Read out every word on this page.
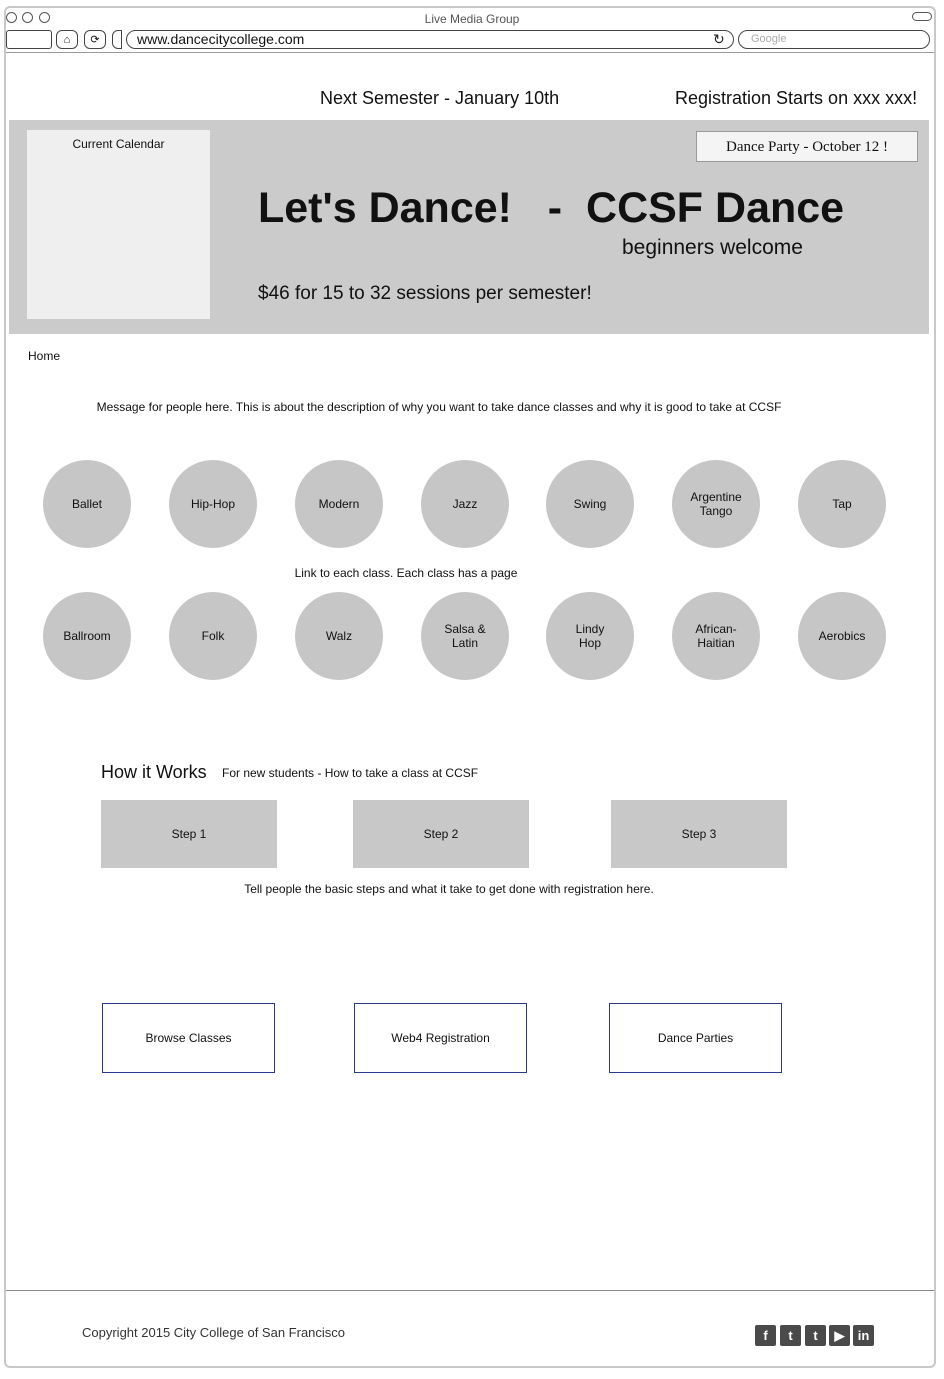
Live Media Group
⌂	⟳	www.dancecitycollege.com	↻	Google
Next Semester - January 10th	Registration Starts on xxx xxx!
Current Calendar	Dance Party - October 12 !
Let's Dance!   -  CCSF Dance
beginners welcome
$46 for 15 to 32 sessions per semester!
Home
Message for people here. This is about the description of why you want to take dance classes and why it is good to take at CCSF
Ballet	Hip-Hop	Modern	Jazz	Swing	Argentine
Tango	Tap
Link to each class. Each class has a page
Ballroom	Folk	Walz	Salsa &
Latin
Lindy
Hop
African-
Haitian	Aerobics
How it Works For new students - How to take a class at CCSF
Step 1	Step 2	Step 3
Tell people the basic steps and what it take to get done with registration here.
Browse Classes	Web4 Registration	Dance Parties
Copyright 2015 City College of San Francisco	f	t	t	▶	in
